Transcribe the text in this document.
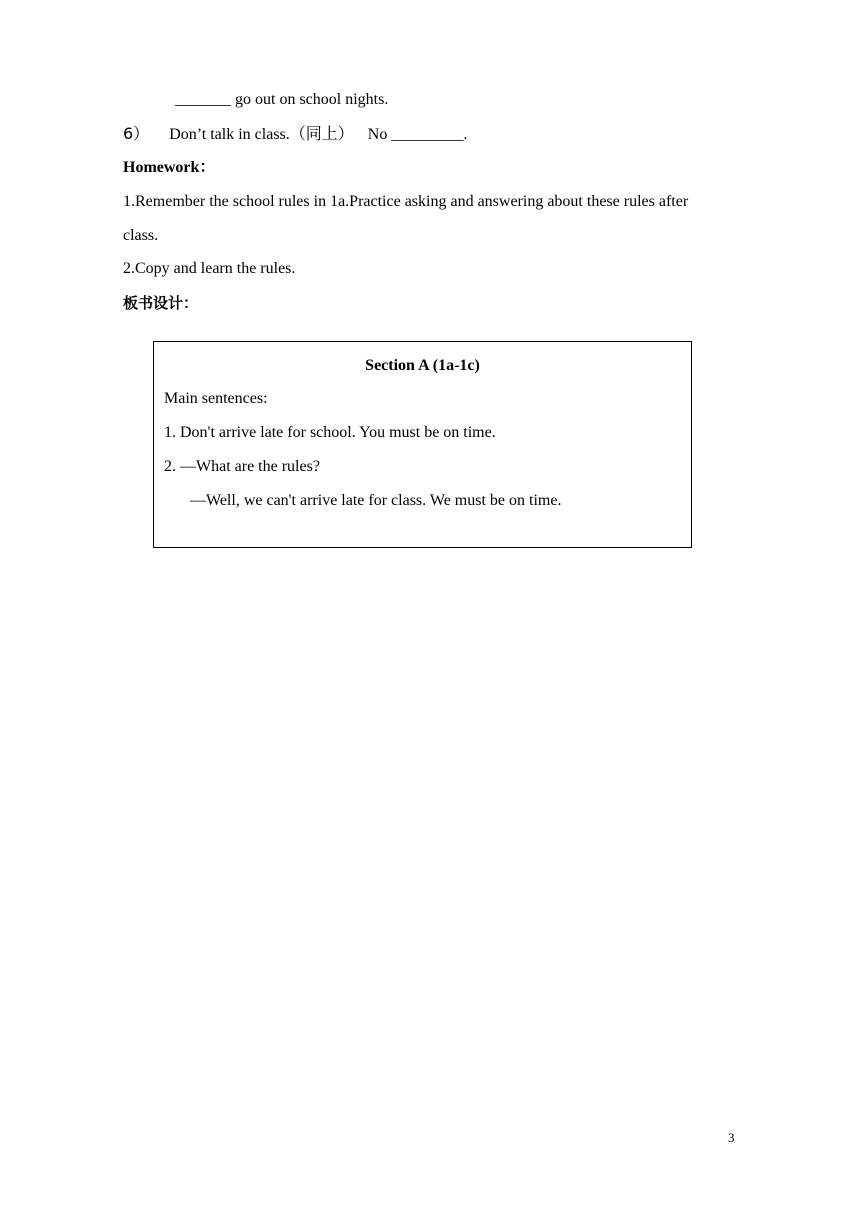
_______ go out on school nights.
6） Don’t talk in class.（同上） No _________.
Homework：
1.Remember the school rules in 1a.Practice asking and answering about these rules after
class.
2.Copy and learn the rules.
板书设计：
Section A (1a-1c)
Main sentences:
1. Don't arrive late for school. You must be on time.
2. —What are the rules?
—Well, we can't arrive late for class. We must be on time.
3
